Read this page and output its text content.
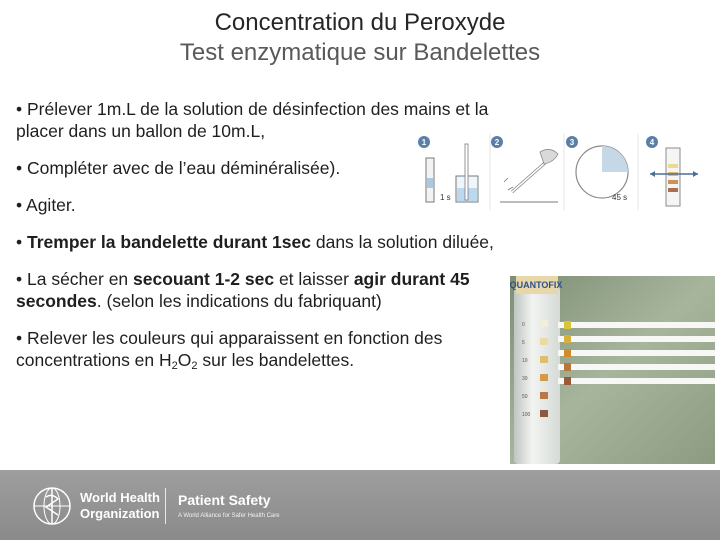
Concentration du Peroxyde
Test enzymatique sur Bandelettes

• Prélever 1m.L de la solution de désinfection des mains et la placer dans un ballon de 10m.L,

• Compléter avec de l’eau déminéralisée).

• Agiter.

• Tremper la bandelette durant 1sec dans la solution diluée,

• La sécher en secouant 1-2 sec et laisser agir durant 45 secondes. (selon les indications du fabriquant)

• Relever les couleurs qui apparaissent en fonction des concentrations en $H_2O_2$ sur les bandelettes.

1	2	3	4
1 s	45 s
QUANTOFIX
0
5
10
30
50
100
World Health
Organization
Patient Safety
A World Alliance for Safer Health Care
